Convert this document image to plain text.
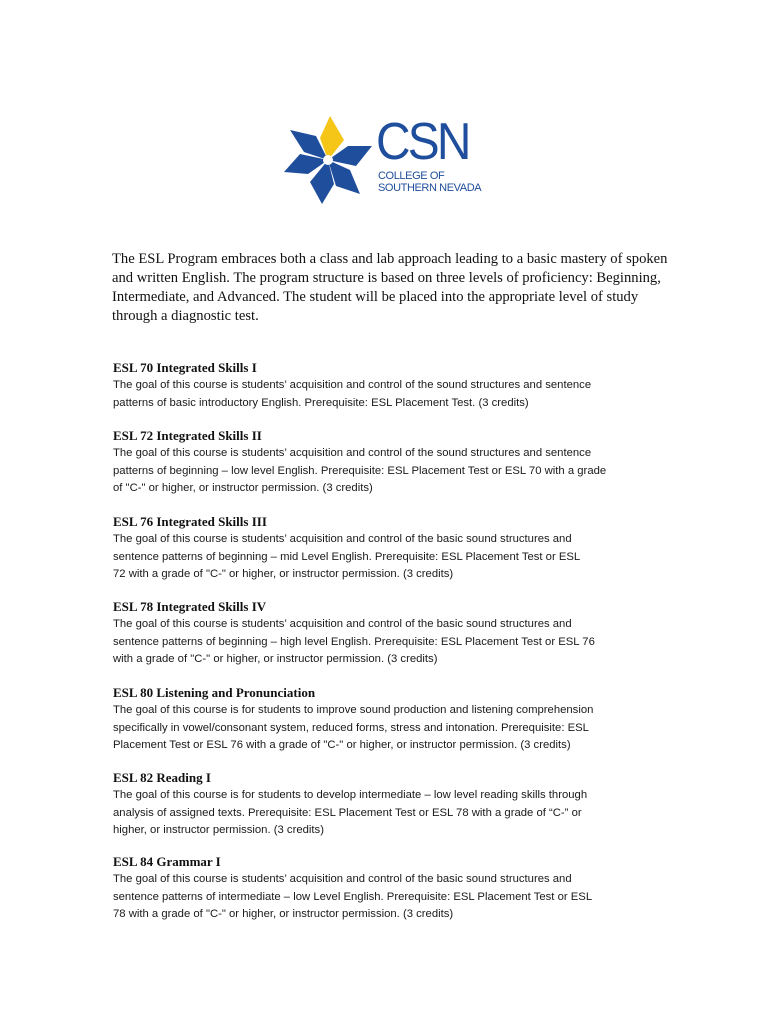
CSN
COLLEGE OF
SOUTHERN NEVADA

The ESL Program embraces both a class and lab approach leading to a basic mastery of spoken and written English. The program structure is based on three levels of proficiency: Beginning, Intermediate, and Advanced. The student will be placed into the appropriate level of study through a diagnostic test.

ESL 70 Integrated Skills I

The goal of this course is students’ acquisition and control of the sound structures and sentence
patterns of basic introductory English. Prerequisite: ESL Placement Test. (3 credits)

ESL 72 Integrated Skills II

The goal of this course is students’ acquisition and control of the sound structures and sentence
patterns of beginning – low level English. Prerequisite: ESL Placement Test or ESL 70 with a grade
of "C-" or higher, or instructor permission. (3 credits)

ESL 76 Integrated Skills III

The goal of this course is students’ acquisition and control of the basic sound structures and
sentence patterns of beginning – mid Level English. Prerequisite: ESL Placement Test or ESL
72 with a grade of "C-" or higher, or instructor permission. (3 credits)

ESL 78 Integrated Skills IV

The goal of this course is students’ acquisition and control of the basic sound structures and
sentence patterns of beginning – high level English. Prerequisite: ESL Placement Test or ESL 76
with a grade of "C-" or higher, or instructor permission. (3 credits)

ESL 80 Listening and Pronunciation

The goal of this course is for students to improve sound production and listening comprehension
specifically in vowel/consonant system, reduced forms, stress and intonation. Prerequisite: ESL
Placement Test or ESL 76 with a grade of "C-" or higher, or instructor permission. (3 credits)

ESL 82 Reading I

The goal of this course is for students to develop intermediate – low level reading skills through
analysis of assigned texts. Prerequisite: ESL Placement Test or ESL 78 with a grade of “C-” or
higher, or instructor permission. (3 credits)

ESL 84 Grammar I

The goal of this course is students’ acquisition and control of the basic sound structures and
sentence patterns of intermediate – low Level English. Prerequisite: ESL Placement Test or ESL
78 with a grade of "C-" or higher, or instructor permission. (3 credits)
